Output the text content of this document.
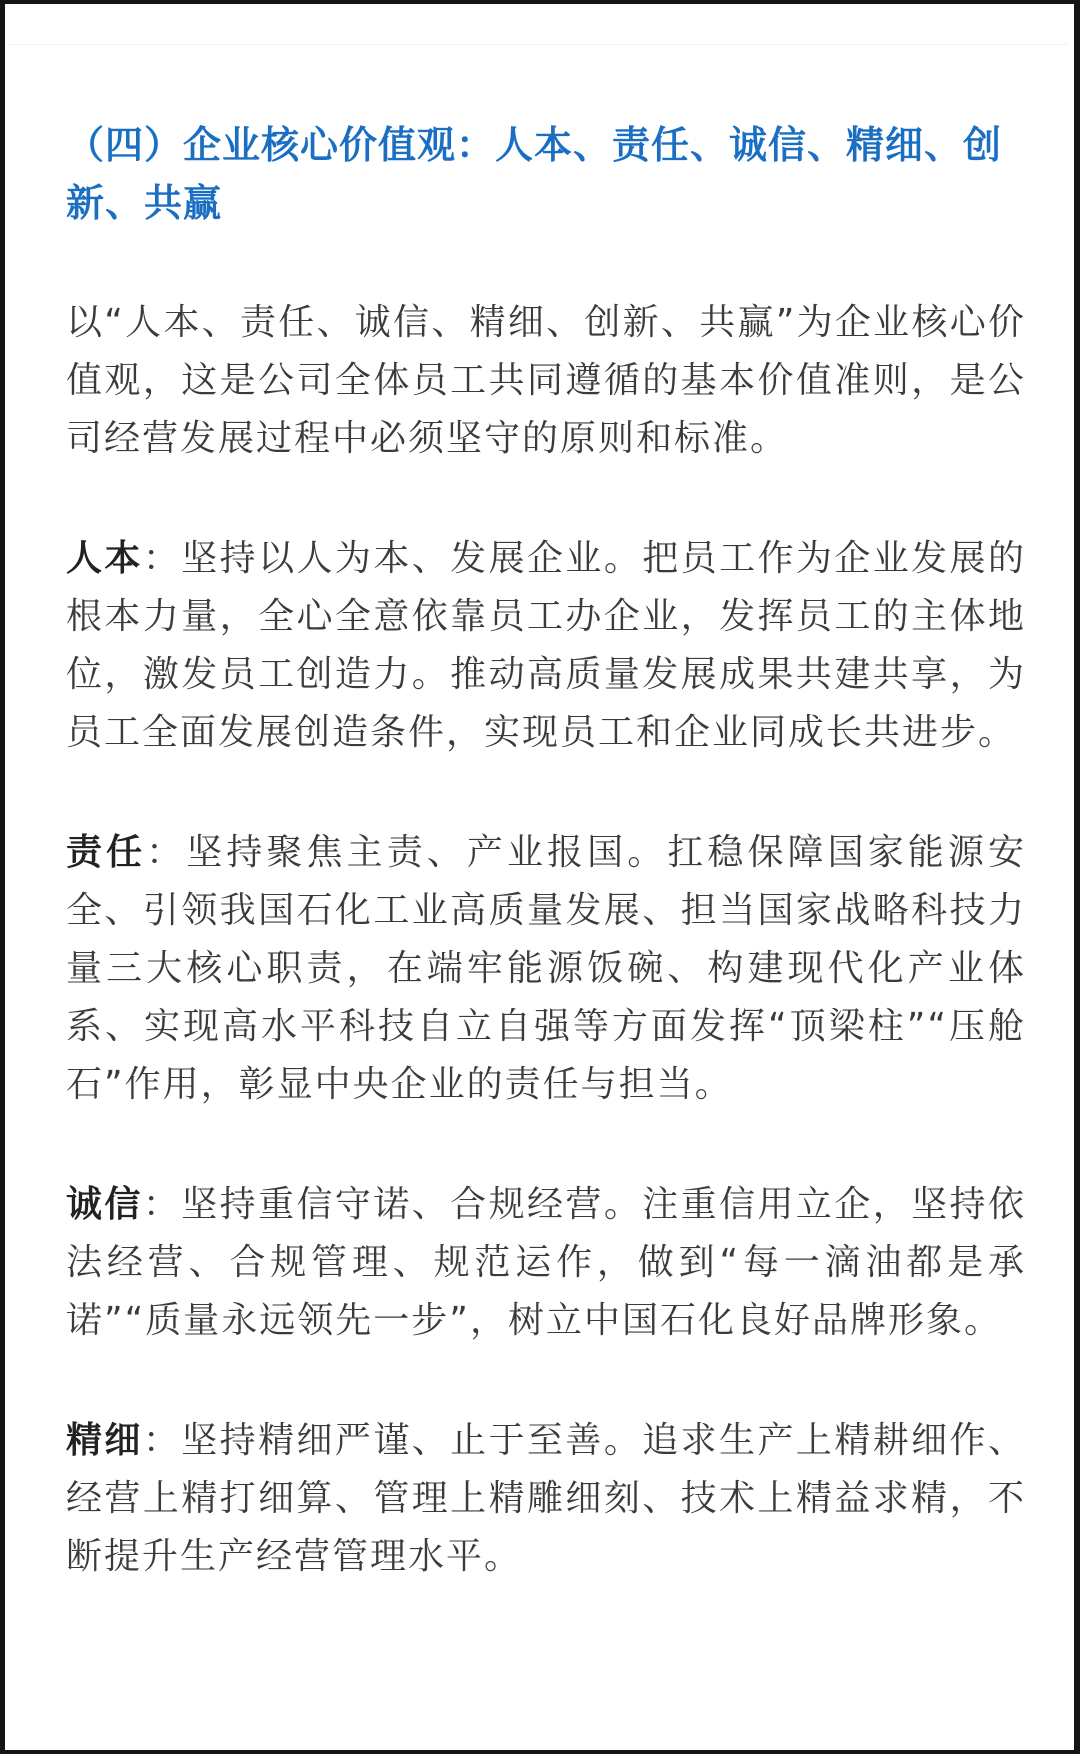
（四）企业核心价值观：人本、责任、诚信、精细、创新、共赢

以“人本、责任、诚信、精细、创新、共赢”为企业核心价值观，这是公司全体员工共同遵循的基本价值准则，是公司经营发展过程中必须坚守的原则和标准。

人本：坚持以人为本、发展企业。把员工作为企业发展的根本力量，全心全意依靠员工办企业，发挥员工的主体地位，激发员工创造力。推动高质量发展成果共建共享，为员工全面发展创造条件，实现员工和企业同成长共进步。

责任：坚持聚焦主责、产业报国。扛稳保障国家能源安全、引领我国石化工业高质量发展、担当国家战略科技力量三大核心职责，在端牢能源饭碗、构建现代化产业体系、实现高水平科技自立自强等方面发挥“顶梁柱”“压舱石”作用，彰显中央企业的责任与担当。

诚信：坚持重信守诺、合规经营。注重信用立企，坚持依法经营、合规管理、规范运作，做到“每一滴油都是承诺”“质量永远领先一步”，树立中国石化良好品牌形象。

精细：坚持精细严谨、止于至善。追求生产上精耕细作、经营上精打细算、管理上精雕细刻、技术上精益求精，不断提升生产经营管理水平。
